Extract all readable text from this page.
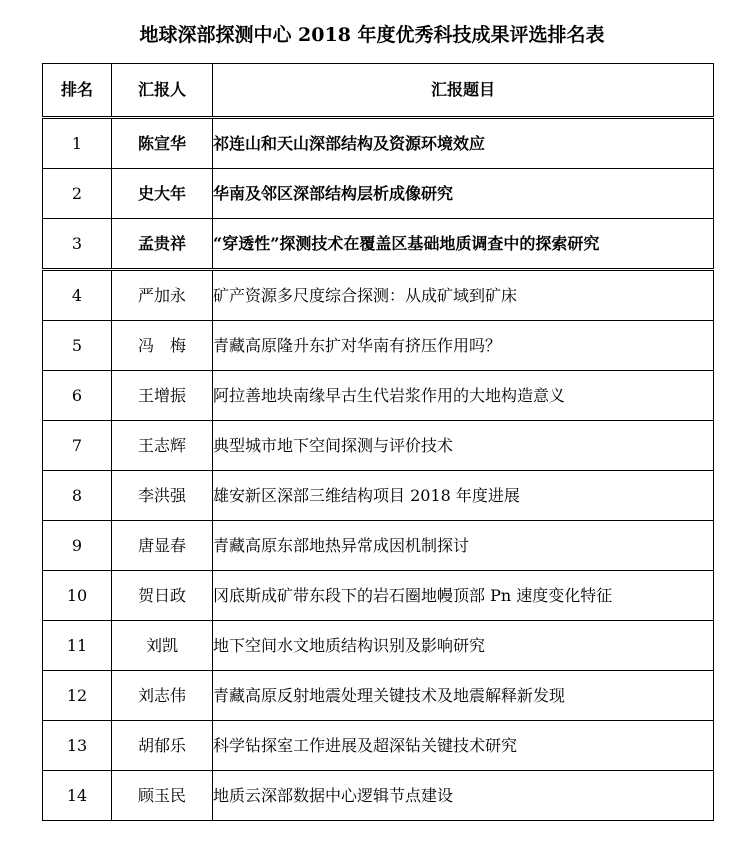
地球深部探测中心 2018 年度优秀科技成果评选排名表
排名	汇报人	汇报题目
1	陈宣华	祁连山和天山深部结构及资源环境效应
2	史大年	华南及邻区深部结构层析成像研究
3	孟贵祥	“穿透性”探测技术在覆盖区基础地质调查中的探索研究
4	严加永	矿产资源多尺度综合探测：从成矿域到矿床
5	冯　梅	青藏高原隆升东扩对华南有挤压作用吗？
6	王增振	阿拉善地块南缘早古生代岩浆作用的大地构造意义
7	王志辉	典型城市地下空间探测与评价技术
8	李洪强	雄安新区深部三维结构项目 2018 年度进展
9	唐显春	青藏高原东部地热异常成因机制探讨
10	贺日政	冈底斯成矿带东段下的岩石圈地幔顶部 Pn 速度变化特征
11	刘凯	地下空间水文地质结构识别及影响研究
12	刘志伟	青藏高原反射地震处理关键技术及地震解释新发现
13	胡郁乐	科学钻探室工作进展及超深钻关键技术研究
14	顾玉民	地质云深部数据中心逻辑节点建设
